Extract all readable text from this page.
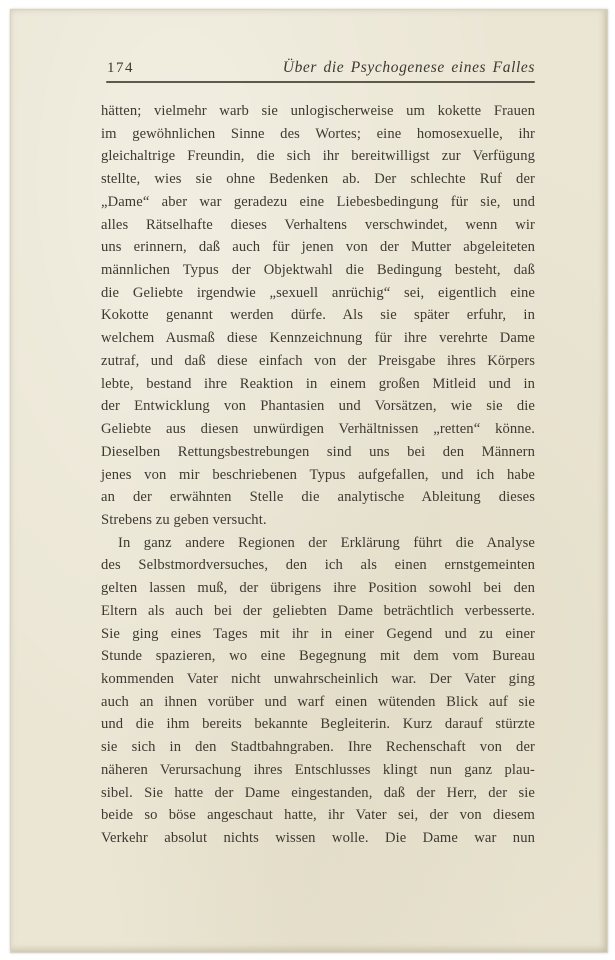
174	Über die Psychogenese eines Falles
hätten; vielmehr warb sie unlogischerweise um kokette Frauen
im gewöhnlichen Sinne des Wortes; eine homosexuelle, ihr
gleichaltrige Freundin, die sich ihr bereitwilligst zur Verfügung
stellte, wies sie ohne Bedenken ab. Der schlechte Ruf der
„Dame“ aber war geradezu eine Liebesbedingung für sie, und
alles Rätselhafte dieses Verhaltens verschwindet, wenn wir
uns erinnern, daß auch für jenen von der Mutter abgeleiteten
männlichen Typus der Objektwahl die Bedingung besteht, daß
die Geliebte irgendwie „sexuell anrüchig“ sei, eigentlich eine
Kokotte genannt werden dürfe. Als sie später erfuhr, in
welchem Ausmaß diese Kennzeichnung für ihre verehrte Dame
zutraf, und daß diese einfach von der Preisgabe ihres Körpers
lebte, bestand ihre Reaktion in einem großen Mitleid und in
der Entwicklung von Phantasien und Vorsätzen, wie sie die
Geliebte aus diesen unwürdigen Verhältnissen „retten“ könne.
Dieselben Rettungsbestrebungen sind uns bei den Männern
jenes von mir beschriebenen Typus aufgefallen, und ich habe
an der erwähnten Stelle die analytische Ableitung dieses
Strebens zu geben versucht.
In ganz andere Regionen der Erklärung führt die Analyse
des Selbstmordversuches, den ich als einen ernstgemeinten
gelten lassen muß, der übrigens ihre Position sowohl bei den
Eltern als auch bei der geliebten Dame beträchtlich verbesserte.
Sie ging eines Tages mit ihr in einer Gegend und zu einer
Stunde spazieren, wo eine Begegnung mit dem vom Bureau
kommenden Vater nicht unwahrscheinlich war. Der Vater ging
auch an ihnen vorüber und warf einen wütenden Blick auf sie
und die ihm bereits bekannte Begleiterin. Kurz darauf stürzte
sie sich in den Stadtbahngraben. Ihre Rechenschaft von der
näheren Verursachung ihres Entschlusses klingt nun ganz plau-
sibel. Sie hatte der Dame eingestanden, daß der Herr, der sie
beide so böse angeschaut hatte, ihr Vater sei, der von diesem
Verkehr absolut nichts wissen wolle. Die Dame war nun
